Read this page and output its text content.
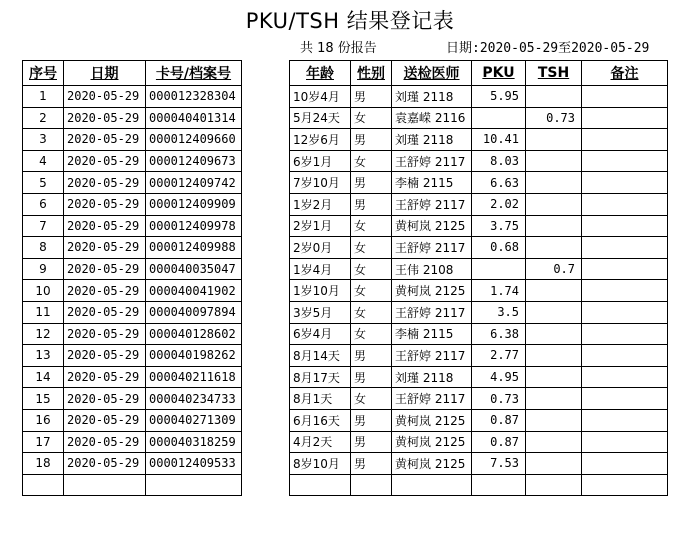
PKU/TSH 结果登记表
共 18 份报告	日期:2020-05-29至2020-05-29
序号	日期	卡号/档案号		年龄	性别	送检医师	PKU	TSH	备注
1	2020-05-29	000012328304		10岁4月	男	刘瑾 2118	5.95		
2	2020-05-29	000040401314		5月24天	女	袁嘉嵘 2116		0.73	
3	2020-05-29	000012409660		12岁6月	男	刘瑾 2118	10.41		
4	2020-05-29	000012409673		6岁1月	女	王舒婷 2117	8.03		
5	2020-05-29	000012409742		7岁10月	男	李楠 2115	6.63		
6	2020-05-29	000012409909		1岁2月	男	王舒婷 2117	2.02		
7	2020-05-29	000012409978		2岁1月	女	黄柯岚 2125	3.75		
8	2020-05-29	000012409988		2岁0月	女	王舒婷 2117	0.68		
9	2020-05-29	000040035047		1岁4月	女	王伟 2108		0.7	
10	2020-05-29	000040041902		1岁10月	女	黄柯岚 2125	1.74		
11	2020-05-29	000040097894		3岁5月	女	王舒婷 2117	3.5		
12	2020-05-29	000040128602		6岁4月	女	李楠 2115	6.38		
13	2020-05-29	000040198262		8月14天	男	王舒婷 2117	2.77		
14	2020-05-29	000040211618		8月17天	男	刘瑾 2118	4.95		
15	2020-05-29	000040234733		8月1天	女	王舒婷 2117	0.73		
16	2020-05-29	000040271309		6月16天	男	黄柯岚 2125	0.87		
17	2020-05-29	000040318259		4月2天	男	黄柯岚 2125	0.87		
18	2020-05-29	000012409533		8岁10月	男	黄柯岚 2125	7.53		
